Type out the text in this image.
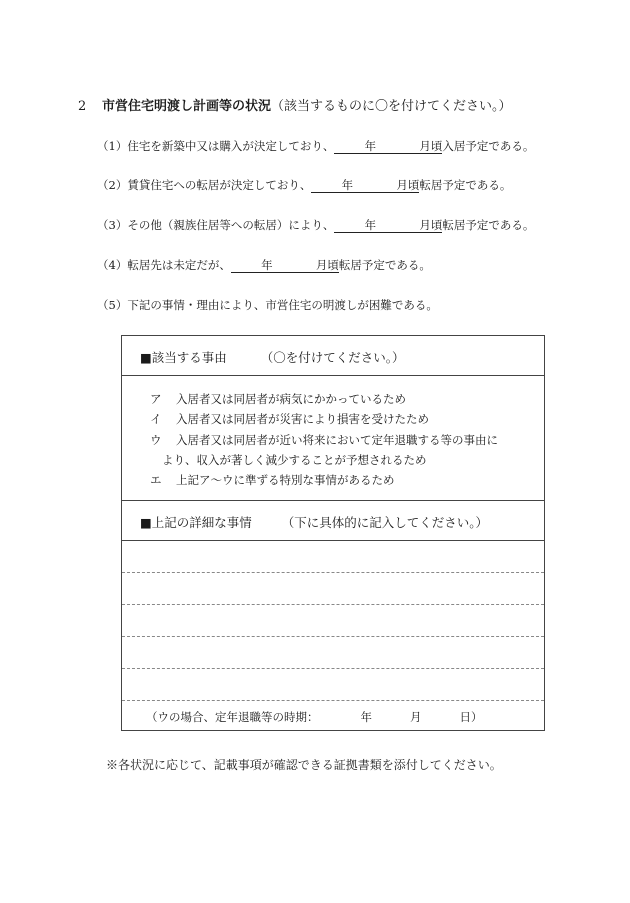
2 市営住宅明渡し計画等の状況（該当するものに〇を付けてください。）
（1）住宅を新築中又は購入が決定しており、	年	月頃入居予定である。
（2）賃貸住宅への転居が決定しており、	年	月頃転居予定である。
（3）その他（親族住居等への転居）により、	年	月頃転居予定である。
（4）転居先は未定だが、	年	月頃転居予定である。
（5）下記の事情・理由により、市営住宅の明渡しが困難である。
■該当する事由	（〇を付けてください。）
ア 入居者又は同居者が病気にかかっているため
イ 入居者又は同居者が災害により損害を受けたため
ウ 入居者又は同居者が近い将来において定年退職する等の事由に
より、収入が著しく減少することが予想されるため
エ 上記ア～ウに準ずる特別な事情があるため
■上記の詳細な事情 （下に具体的に記入してください。）
（ウの場合、定年退職等の時期：	年	月	日）
※各状況に応じて、記載事項が確認できる証拠書類を添付してください。
